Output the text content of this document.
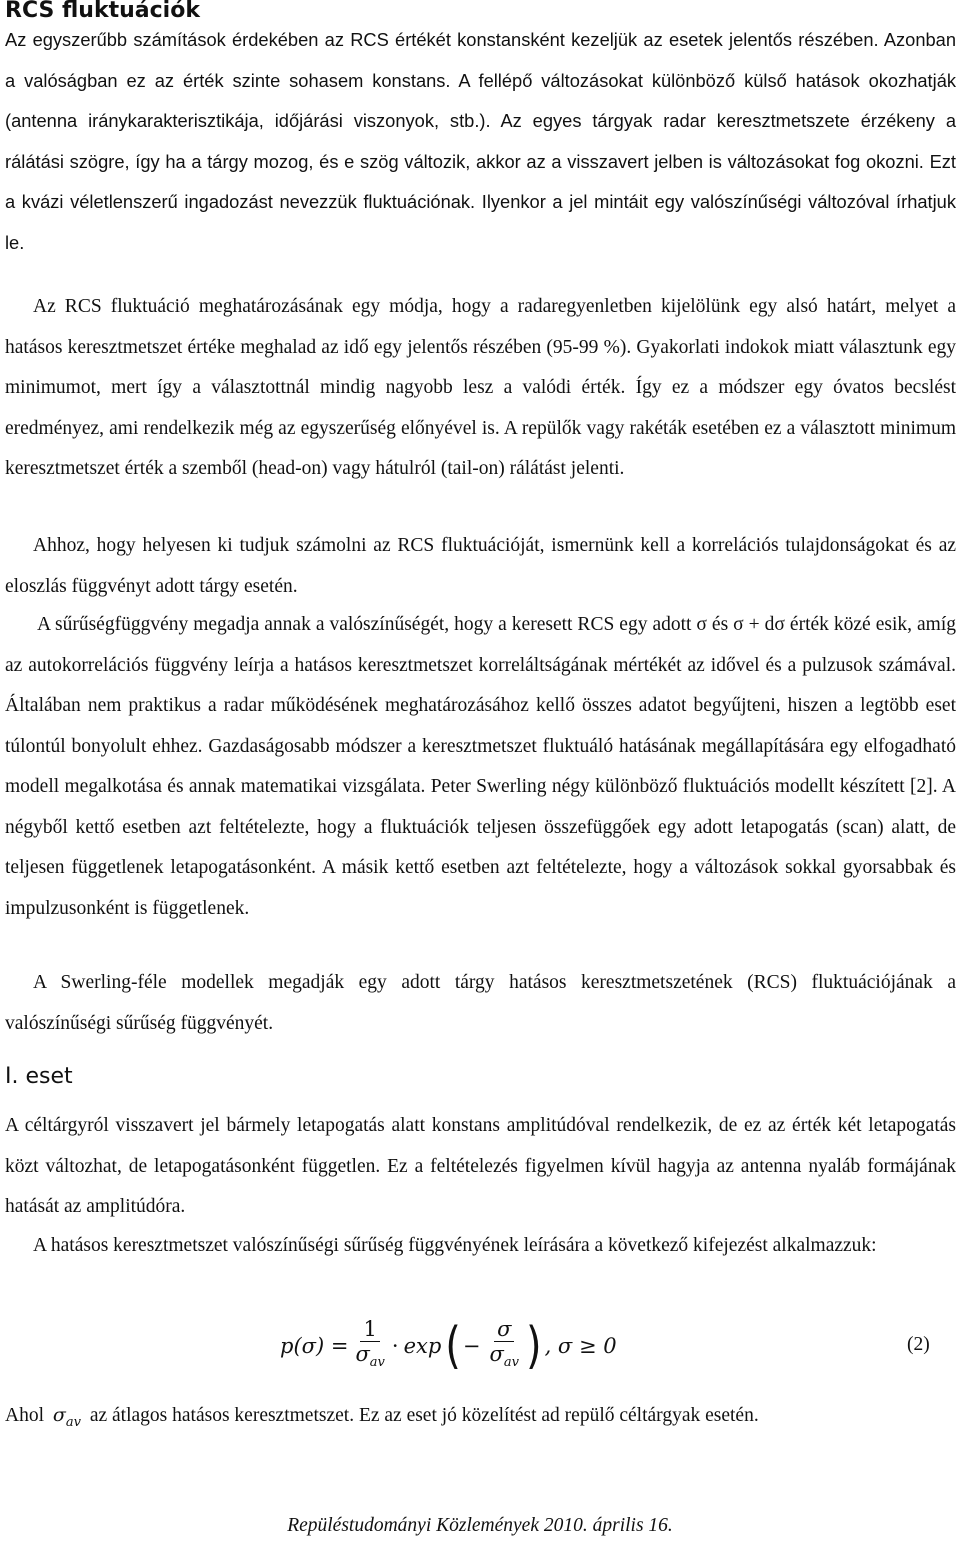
RCS fluktuációk

Az egyszerűbb számítások érdekében az RCS értékét konstansként kezeljük az esetek jelentős részében. Azonban a valóságban ez az érték szinte sohasem konstans. A fellépő változásokat különböző külső hatások okozhatják (antenna iránykarakterisztikája, időjárási viszonyok, stb.). Az egyes tárgyak radar keresztmetszete érzékeny a rálátási szögre, így ha a tárgy mozog, és e szög változik, akkor az a visszavert jelben is változásokat fog okozni. Ezt a kvázi véletlenszerű ingadozást nevezzük fluktuációnak. Ilyenkor a jel mintáit egy valószínűségi változóval írhatjuk le.

Az RCS fluktuáció meghatározásának egy módja, hogy a radaregyenletben kijelölünk egy alsó határt, melyet a hatásos keresztmetszet értéke meghalad az idő egy jelentős részében (95-99 %). Gyakorlati indokok miatt választunk egy minimumot, mert így a választottnál mindig nagyobb lesz a valódi érték. Így ez a módszer egy óvatos becslést eredményez, ami rendelkezik még az egyszerűség előnyével is. A repülők vagy rakéták esetében ez a választott minimum keresztmetszet érték a szemből (head-on) vagy hátulról (tail-on) rálátást jelenti.

Ahhoz, hogy helyesen ki tudjuk számolni az RCS fluktuációját, ismernünk kell a korrelációs tulajdonságokat és az eloszlás függvényt adott tárgy esetén.

A sűrűségfüggvény megadja annak a valószínűségét, hogy a keresett RCS egy adott σ és σ + dσ érték közé esik, amíg az autokorrelációs függvény leírja a hatásos keresztmetszet korreláltságának mértékét az idővel és a pulzusok számával. Általában nem praktikus a radar működésének meghatározásához kellő összes adatot begyűjteni, hiszen a legtöbb eset túlontúl bonyolult ehhez. Gazdaságosabb módszer a keresztmetszet fluktuáló hatásának megállapítására egy elfogadható modell megalkotása és annak matematikai vizsgálata. Peter Swerling négy különböző fluktuációs modellt készített [2]. A négyből kettő esetben azt feltételezte, hogy a fluktuációk teljesen összefüggőek egy adott letapogatás (scan) alatt, de teljesen függetlenek letapogatásonként. A másik kettő esetben azt feltételezte, hogy a változások sokkal gyorsabbak és impulzusonként is függetlenek.

A Swerling-féle modellek megadják egy adott tárgy hatásos keresztmetszetének (RCS) fluktuációjának a valószínűségi sűrűség függvényét.

I. eset

A céltárgyról visszavert jel bármely letapogatás alatt konstans amplitúdóval rendelkezik, de ez az érték két letapogatás közt változhat, de letapogatásonként független. Ez a feltételezés figyelmen kívül hagyja az antenna nyaláb formájának hatását az amplitúdóra.

A hatásos keresztmetszet valószínűségi sűrűség függvényének leírására a következő kifejezést alkalmazzuk:

$p(\sigma) = \frac{1}{\sigma_{av}} \cdot \exp$ ( − $\frac{\sigma}{\sigma_{av}}$ ) , σ ≥ 0	(2)
Ahol $\sigma_{av}$ az átlagos hatásos keresztmetszet. Ez az eset jó közelítést ad repülő céltárgyak esetén.
Repüléstudományi Közlemények 2010. április 16.
